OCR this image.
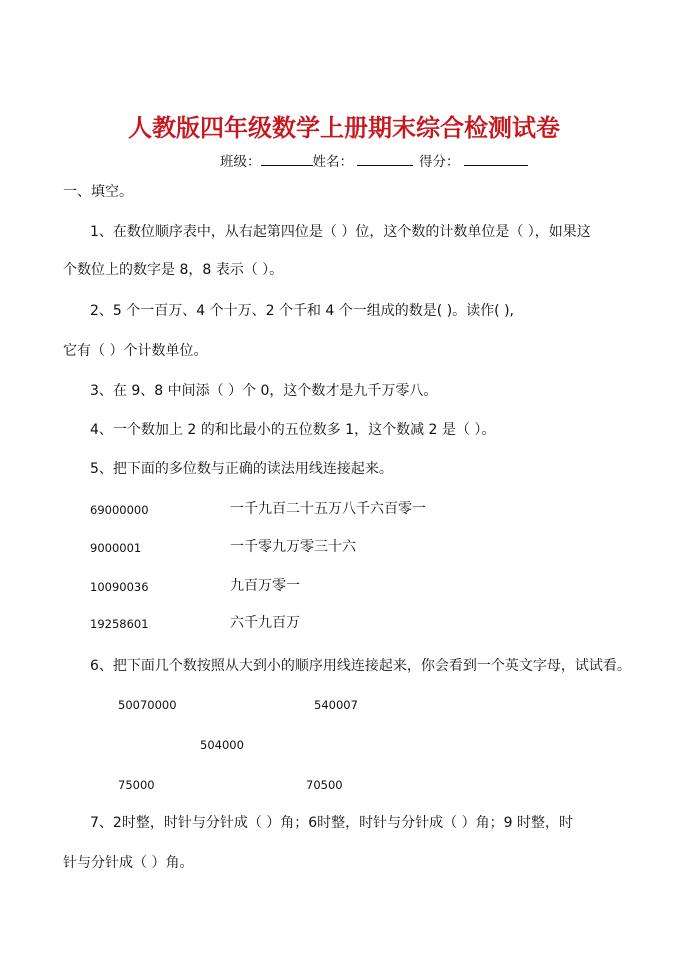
人教版四年级数学上册期末综合检测试卷
班级：	姓名：	得分：
一、填空。
1、在数位顺序表中，从右起第四位是（ ）位，这个数的计数单位是（ ），如果这
个数位上的数字是 8，8 表示（ ）。
2、5 个一百万、4 个十万、2 个千和 4 个一组成的数是( )。读作( ),
它有（ ）个计数单位。
3、在 9、8 中间添（ ）个 0，这个数才是九千万零八。
4、一个数加上 2 的和比最小的五位数多 1，这个数减 2 是（ ）。
5、把下面的多位数与正确的读法用线连接起来。
69000000	一千九百二十五万八千六百零一
9000001	一千零九万零三十六
10090036	九百万零一
19258601	六千九百万
6、把下面几个数按照从大到小的顺序用线连接起来，你会看到一个英文字母，试试看。
50070000	540007
504000
75000	70500
7、2时整，时针与分针成（ ）角；6时整，时针与分针成（ ）角；9 时整，时
针与分针成（ ）角。
